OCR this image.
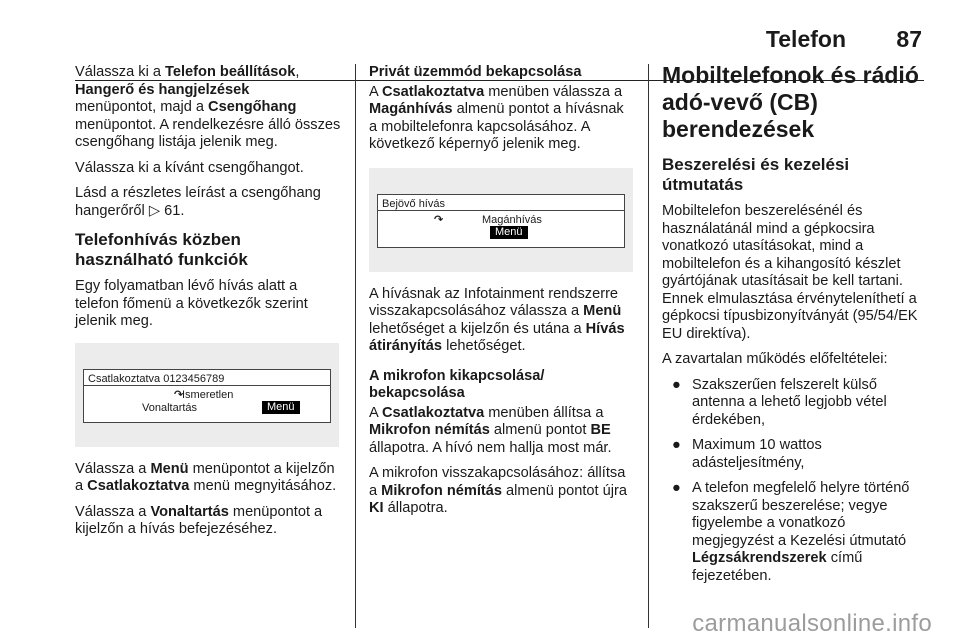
Telefon 87

Válassza ki a Telefon beállítások,
Hangerő és hangjelzések
menüpontot, majd a Csengőhang menüpontot. A rendelkezésre álló összes csengőhang listája jelenik meg.

Válassza ki a kívánt csengőhangot.

Lásd a részletes leírást a csengőhang hangerőről ▷ 61.

Telefonhívás közben használható funkciók

Egy folyamatban lévő hívás alatt a telefon főmenü a következők szerint jelenik meg.

Csatlakoztatva 0123456789
↷
Ismeretlen
Vonaltartás	Menü

Válassza a Menü menüpontot a kijelzőn a Csatlakoztatva menü megnyitásához.

Válassza a Vonaltartás menüpontot a kijelzőn a hívás befejezéséhez.

Privát üzemmód bekapcsolása

A Csatlakoztatva menüben válassza a Magánhívás almenü pontot a hívásnak a mobiltelefonra kapcsolásához. A következő képernyő jelenik meg.

Bejövő hívás
↷	Magánhívás
Menü

A hívásnak az Infotainment rendszerre visszakapcsolásához válassza a Menü lehetőséget a kijelzőn és utána a Hívás átirányítás lehetőséget.

A mikrofon kikapcsolása/ bekapcsolása

A Csatlakoztatva menüben állítsa a Mikrofon némítás almenü pontot BE állapotra. A hívó nem hallja most már.

A mikrofon visszakapcsolásához: állítsa a Mikrofon némítás almenü pontot újra KI állapotra.

Mobiltelefonok és rádió adó-vevő (CB) berendezések
Beszerelési és kezelési útmutatás

Mobiltelefon beszerelésénél és használatánál mind a gépkocsira vonatkozó utasításokat, mind a mobiltelefon és a kihangosító készlet gyártójának utasításait be kell tartani. Ennek elmulasztása érvényteleníthetí a gépkocsi típusbizonyítványát (95/54/EK EU direktíva).

A zavartalan működés előfeltételei:

● Szakszerűen felszerelt külső antenna a lehető legjobb vétel érdekében,
● Maximum 10 wattos adásteljesítmény,
● A telefon megfelelő helyre történő szakszerű beszerelése; vegye figyelembe a vonatkozó megjegyzést a Kezelési útmutató Légzsákrendszerek című fejezetében.
carmanualsonline.info
